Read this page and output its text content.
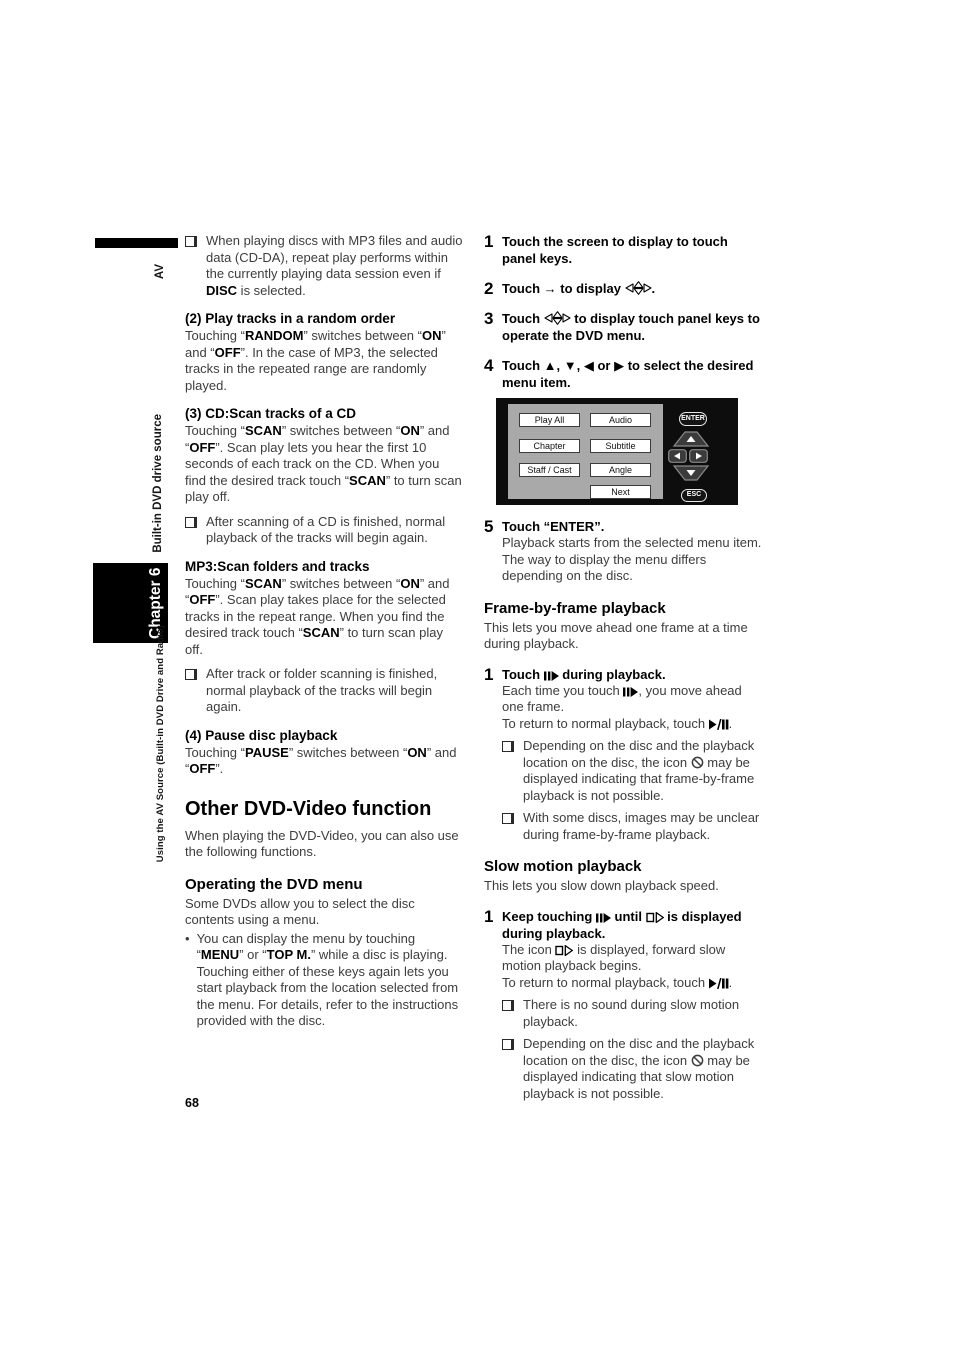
AV
Built-in DVD drive source
Chapter 6
Using the AV Source (Built-in DVD Drive and Radio)
68
When playing discs with MP3 files and audio data (CD-DA), repeat play performs within the currently playing data session even if DISC is selected.
(2) Play tracks in a random order

Touching “RANDOM” switches between “ON” and “OFF”. In the case of MP3, the selected tracks in the repeated range are randomly played.

(3) CD:Scan tracks of a CD

Touching “SCAN” switches between “ON” and “OFF”. Scan play lets you hear the first 10 seconds of each track on the CD. When you find the desired track touch “SCAN” to turn scan play off.

After scanning of a CD is finished, normal playback of the tracks will begin again.
MP3:Scan folders and tracks

Touching “SCAN” switches between “ON” and “OFF”. Scan play takes place for the selected tracks in the repeat range. When you find the desired track touch “SCAN” to turn scan play off.

After track or folder scanning is finished, normal playback of the tracks will begin again.
(4) Pause disc playback

Touching “PAUSE” switches between “ON” and “OFF”.

Other DVD-Video function

When playing the DVD-Video, you can also use the following functions.

Operating the DVD menu

Some DVDs allow you to select the disc contents using a menu.

• You can display the menu by touching “MENU” or “TOP M.” while a disc is playing. Touching either of these keys again lets you start playback from the location selected from the menu. For details, refer to the instructions provided with the disc.
1 Touch the screen to display to touch panel keys.

2 Touch → to display .

3 Touch  to display touch panel keys to operate the DVD menu.

4 Touch ▲, ▼, ◀ or ▶ to select the desired menu item.

Play All
Chapter
Staff / Cast
Audio
Subtitle
Angle
Next
ENTER
ESC
5 Touch “ENTER”.

Playback starts from the selected menu item.

The way to display the menu differs depending on the disc.

Frame-by-frame playback

This lets you move ahead one frame at a time during playback.

1 Touch  during playback.

Each time you touch , you move ahead one frame.

To return to normal playback, touch .

Depending on the disc and the playback location on the disc, the icon  may be displayed indicating that frame-by-frame playback is not possible.
With some discs, images may be unclear during frame-by-frame playback.
Slow motion playback

This lets you slow down playback speed.

1 Keep touching  until  is displayed during playback.

The icon  is displayed, forward slow motion playback begins.

To return to normal playback, touch .

There is no sound during slow motion playback.
Depending on the disc and the playback location on the disc, the icon  may be displayed indicating that slow motion playback is not possible.
